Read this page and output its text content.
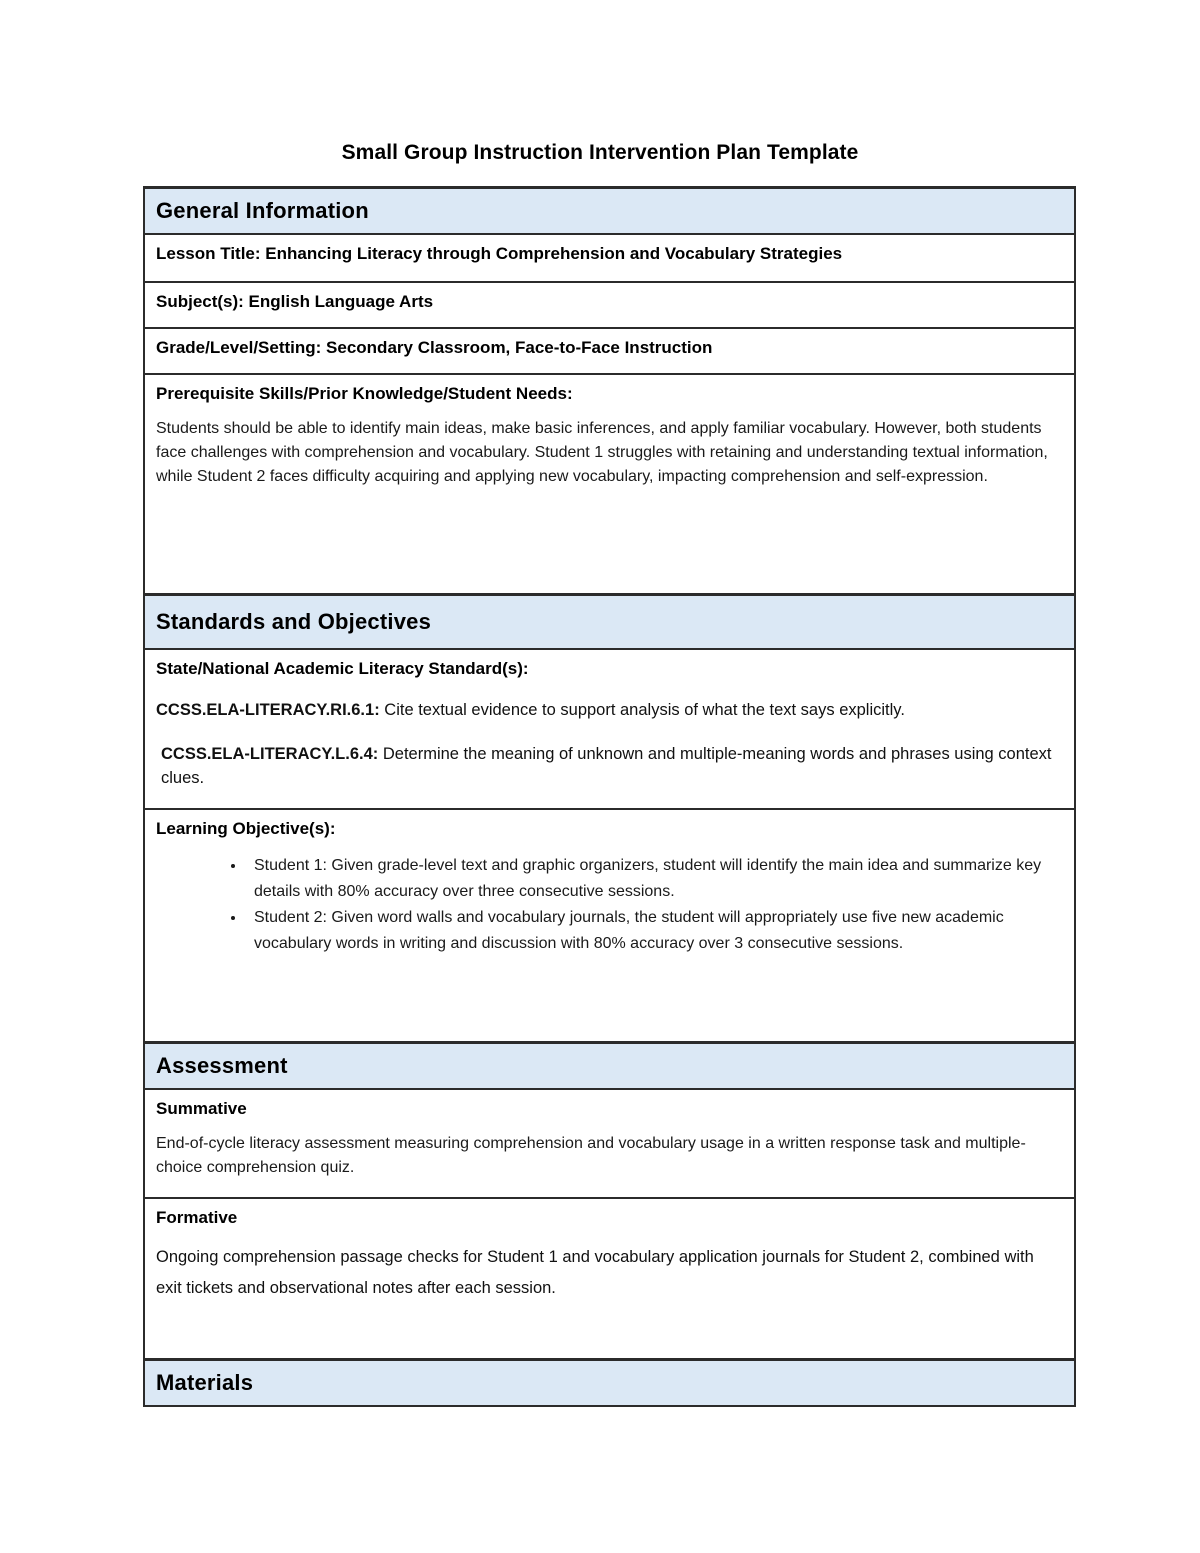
Small Group Instruction Intervention Plan Template
General Information
Lesson Title: Enhancing Literacy through Comprehension and Vocabulary Strategies
Subject(s): English Language Arts
Grade/Level/Setting: Secondary Classroom, Face-to-Face Instruction
Prerequisite Skills/Prior Knowledge/Student Needs:
Students should be able to identify main ideas, make basic inferences, and apply familiar vocabulary. However, both students face challenges with comprehension and vocabulary. Student 1 struggles with retaining and understanding textual information, while Student 2 faces difficulty acquiring and applying new vocabulary, impacting comprehension and self-expression.
Standards and Objectives
State/National Academic Literacy Standard(s):

CCSS.ELA-LITERACY.RI.6.1: Cite textual evidence to support analysis of what the text says explicitly.

CCSS.ELA-LITERACY.L.6.4: Determine the meaning of unknown and multiple-meaning words and phrases using context clues.

Learning Objective(s):
• Student 1: Given grade-level text and graphic organizers, student will identify the main idea and summarize key details with 80% accuracy over three consecutive sessions.
• Student 2: Given word walls and vocabulary journals, the student will appropriately use five new academic vocabulary words in writing and discussion with 80% accuracy over 3 consecutive sessions.
Assessment
Summative
End-of-cycle literacy assessment measuring comprehension and vocabulary usage in a written response task and multiple-choice comprehension quiz.
Formative
Ongoing comprehension passage checks for Student 1 and vocabulary application journals for Student 2, combined with exit tickets and observational notes after each session.
Materials
